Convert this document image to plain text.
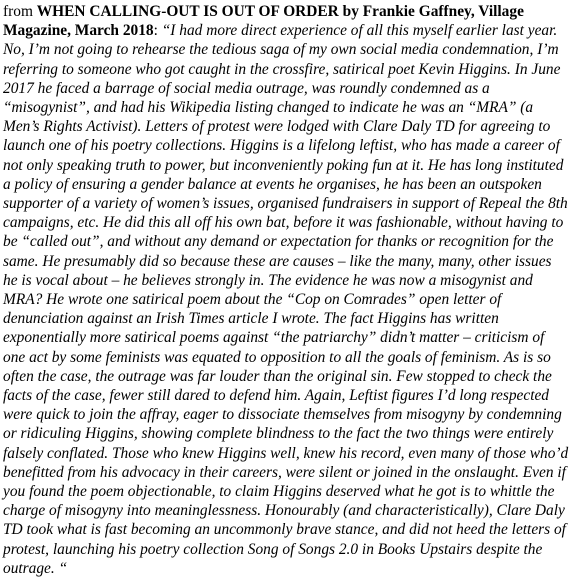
from WHEN CALLING-OUT IS OUT OF ORDER by Frankie Gaffney, Village Magazine, March 2018: “I had more direct experience of all this myself earlier last year. No, I’m not going to rehearse the tedious saga of my own social media condemnation, I’m referring to someone who got caught in the crossfire, satirical poet Kevin Higgins. In June 2017 he faced a barrage of social media outrage, was roundly condemned as a “misogynist”, and had his Wikipedia listing changed to indicate he was an “MRA” (a Men’s Rights Activist). Letters of protest were lodged with Clare Daly TD for agreeing to launch one of his poetry collections. Higgins is a lifelong leftist, who has made a career of not only speaking truth to power, but inconveniently poking fun at it. He has long instituted a policy of ensuring a gender balance at events he organises, he has been an outspoken supporter of a variety of women’s issues, organised fundraisers in support of Repeal the 8th campaigns, etc. He did this all off his own bat, before it was fashionable, without having to be “called out”, and without any demand or expectation for thanks or recognition for the same. He presumably did so because these are causes – like the many, many, other issues he is vocal about – he believes strongly in. The evidence he was now a misogynist and MRA? He wrote one satirical poem about the “Cop on Comrades” open letter of denunciation against an Irish Times article I wrote. The fact Higgins has written exponentially more satirical poems against “the patriarchy” didn’t matter – criticism of one act by some feminists was equated to opposition to all the goals of feminism. As is so often the case, the outrage was far louder than the original sin. Few stopped to check the facts of the case, fewer still dared to defend him. Again, Leftist figures I’d long respected were quick to join the affray, eager to dissociate themselves from misogyny by condemning or ridiculing Higgins, showing complete blindness to the fact the two things were entirely falsely conflated. Those who knew Higgins well, knew his record, even many of those who’d benefitted from his advocacy in their careers, were silent or joined in the onslaught. Even if you found the poem objectionable, to claim Higgins deserved what he got is to whittle the charge of misogyny into meaninglessness. Honourably (and characteristically), Clare Daly TD took what is fast becoming an uncommonly brave stance, and did not heed the letters of protest, launching his poetry collection Song of Songs 2.0 in Books Upstairs despite the outrage. “
